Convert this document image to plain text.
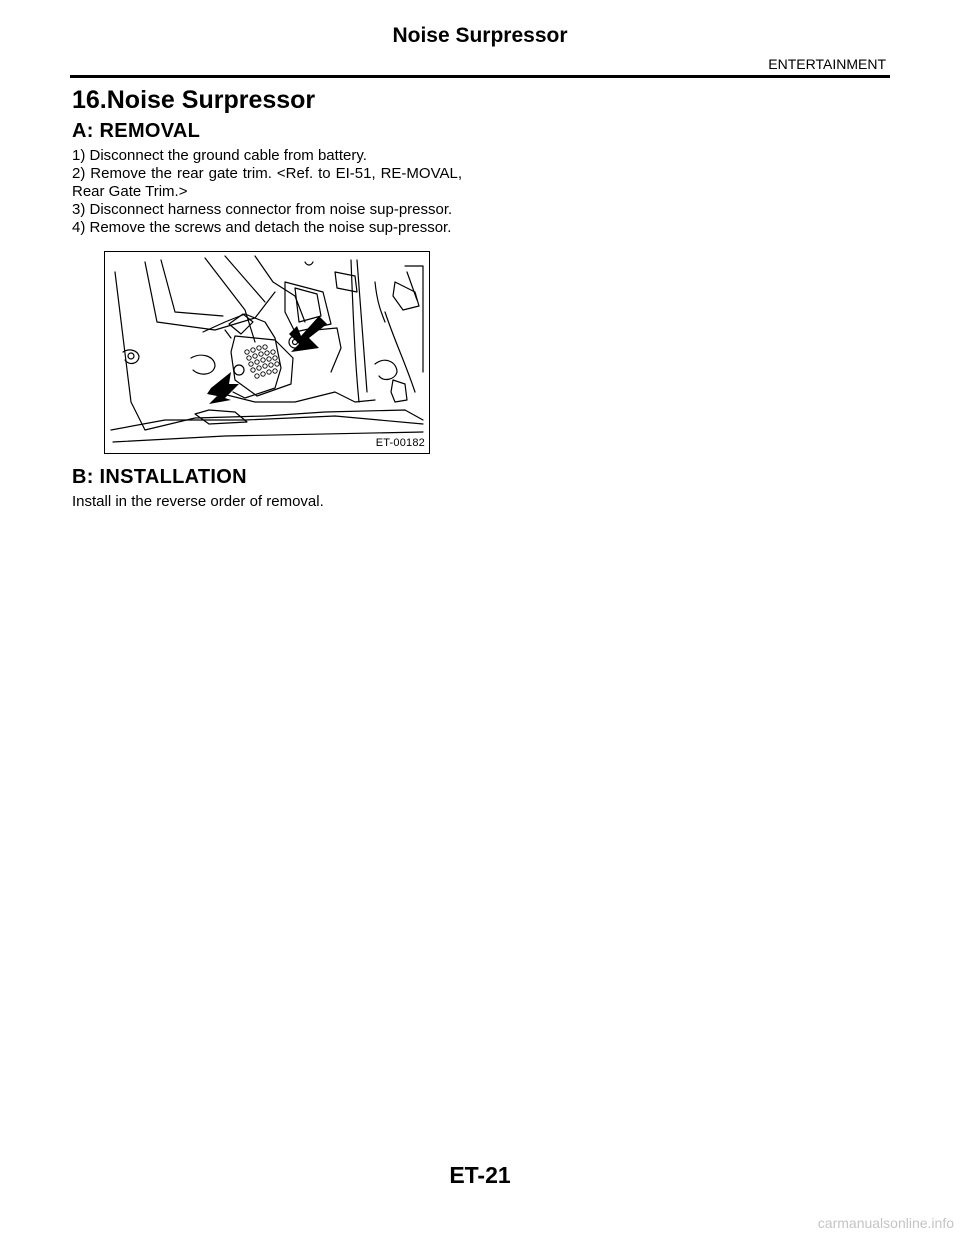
Noise Surpressor
ENTERTAINMENT
16.Noise Surpressor
A: REMOVAL
1) Disconnect the ground cable from battery.
2) Remove the rear gate trim. <Ref. to EI-51, RE-MOVAL, Rear Gate Trim.>
3) Disconnect harness connector from noise sup-pressor.
4) Remove the screws and detach the noise sup-pressor.
ET-00182
B: INSTALLATION
Install in the reverse order of removal.
ET-21
carmanualsonline.info
